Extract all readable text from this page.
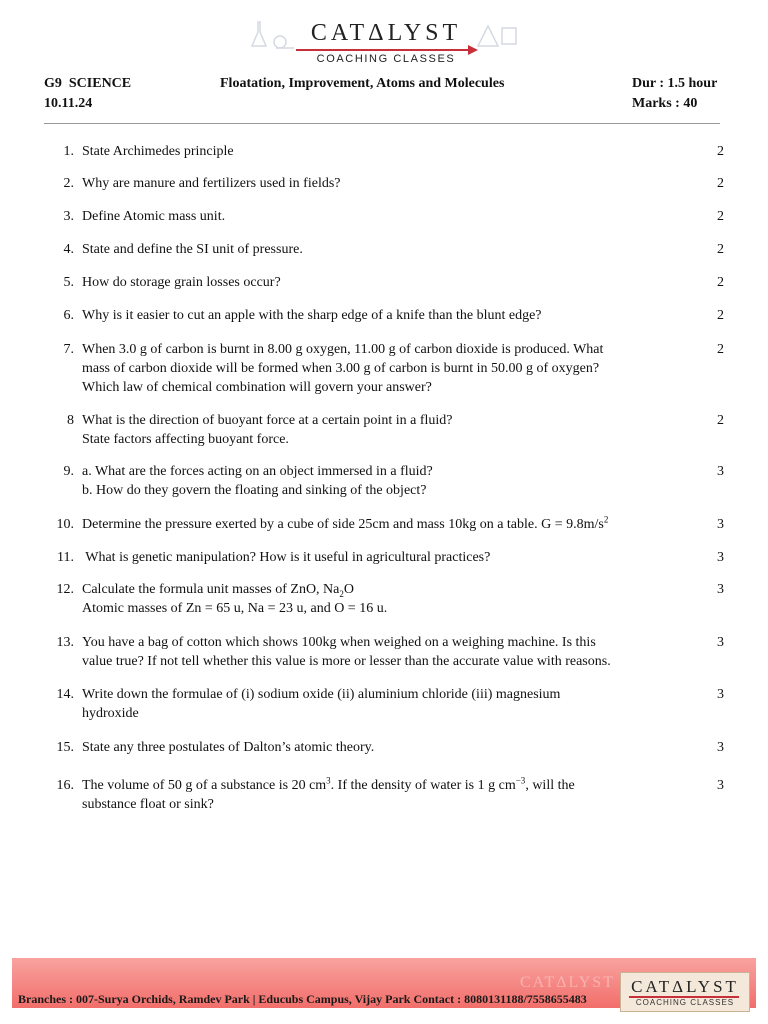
CATΔLYST
COACHING CLASSES
G9  SCIENCE
10.11.24
Floatation, Improvement, Atoms and Molecules	Dur : 1.5 hour
Marks : 40
1. State Archimedes principle	2
2. Why are manure and fertilizers used in fields?	2
3. Define Atomic mass unit.	2
4. State and define the SI unit of pressure.	2
5. How do storage grain losses occur?	2
6. Why is it easier to cut an apple with the sharp edge of a knife than the blunt edge?	2
7. When 3.0 g of carbon is burnt in 8.00 g oxygen, 11.00 g of carbon dioxide is produced. What
mass of carbon dioxide will be formed when 3.00 g of carbon is burnt in 50.00 g of oxygen?
Which law of chemical combination will govern your answer?
2
8 What is the direction of buoyant force at a certain point in a fluid?
State factors affecting buoyant force.
2
9. a. What are the forces acting on an object immersed in a fluid?
b. How do they govern the floating and sinking of the object?
3
10. Determine the pressure exerted by a cube of side 25cm and mass 10kg on a table. $G = 9.8m/s^2$	3
11. What is genetic manipulation? How is it useful in agricultural practices?	3
12. Calculate the formula unit masses of ZnO, $Na_2O$
Atomic masses of Zn = 65 u, Na = 23 u, and O = 16 u.
3
13. You have a bag of cotton which shows 100kg when weighed on a weighing machine. Is this
value true? If not tell whether this value is more or lesser than the accurate value with reasons.
3
14. Write down the formulae of (i) sodium oxide (ii) aluminium chloride (iii) magnesium
hydroxide
3
15. State any three postulates of Dalton’s atomic theory.	3
16. The volume of 50 g of a substance is 20 $cm^3$. If the density of water is 1 g $cm^{-3}$, will the
substance float or sink?
3
CATΔLYST
Branches : 007-Surya Orchids, Ramdev Park | Educubs Campus, Vijay Park Contact : 8080131188/7558655483
CATΔLYST
COACHING CLASSES
